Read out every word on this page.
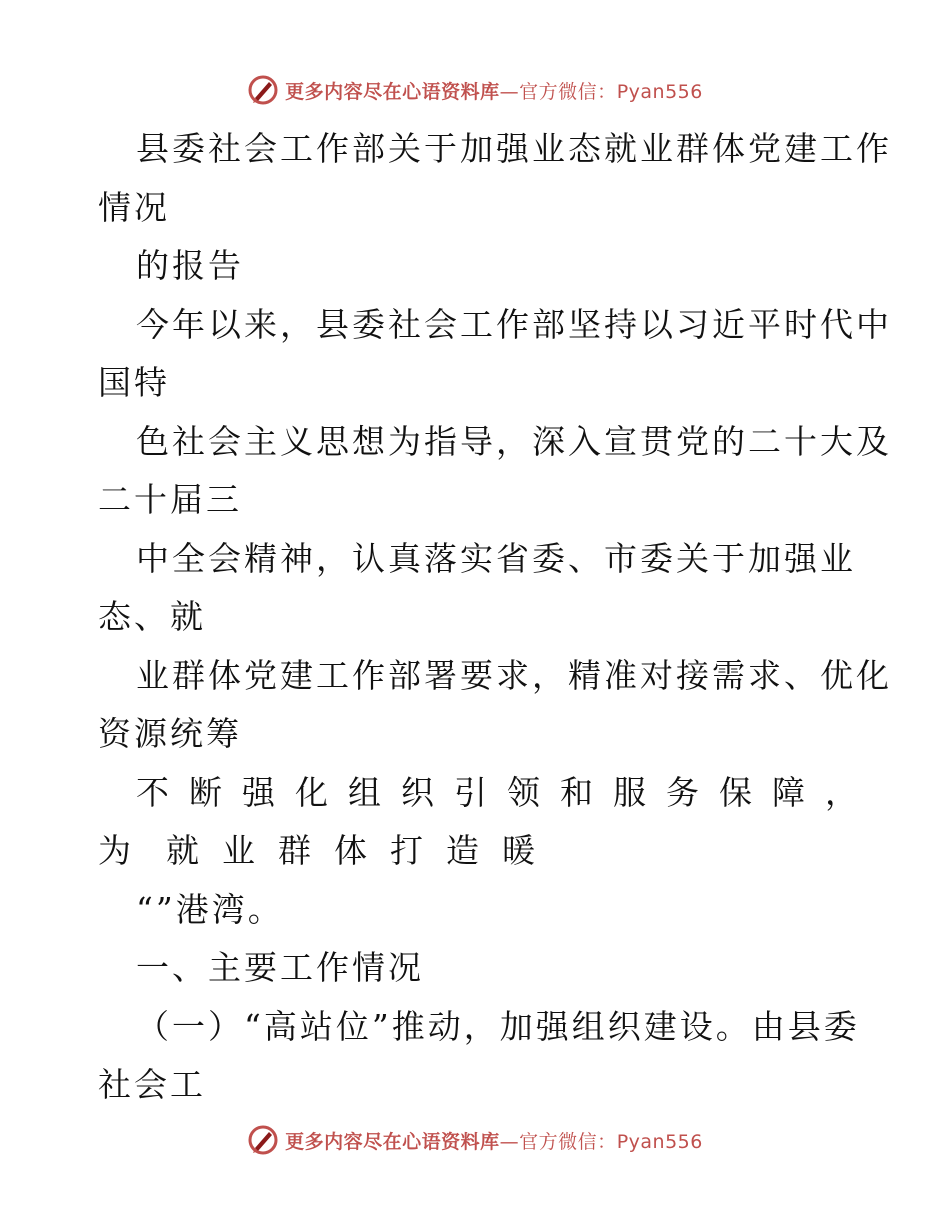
更多内容尽在心语资料库—官方微信：Pyan556
县委社会工作部关于加强业态就业群体党建工作
情况
的报告
今年以来，县委社会工作部坚持以习近平时代中
国特
色社会主义思想为指导，深入宣贯党的二十大及
二十届三
中全会精神，认真落实省委、市委关于加强业
态、就
业群体党建工作部署要求，精准对接需求、优化
资源统筹
不 断 强 化 组 织 引 领 和 服 务 保 障 ，
为 就 业 群 体 打 造 暖
“”港湾。
一、主要工作情况
（一）“高站位”推动，加强组织建设。由县委
社会工
更多内容尽在心语资料库—官方微信：Pyan556
